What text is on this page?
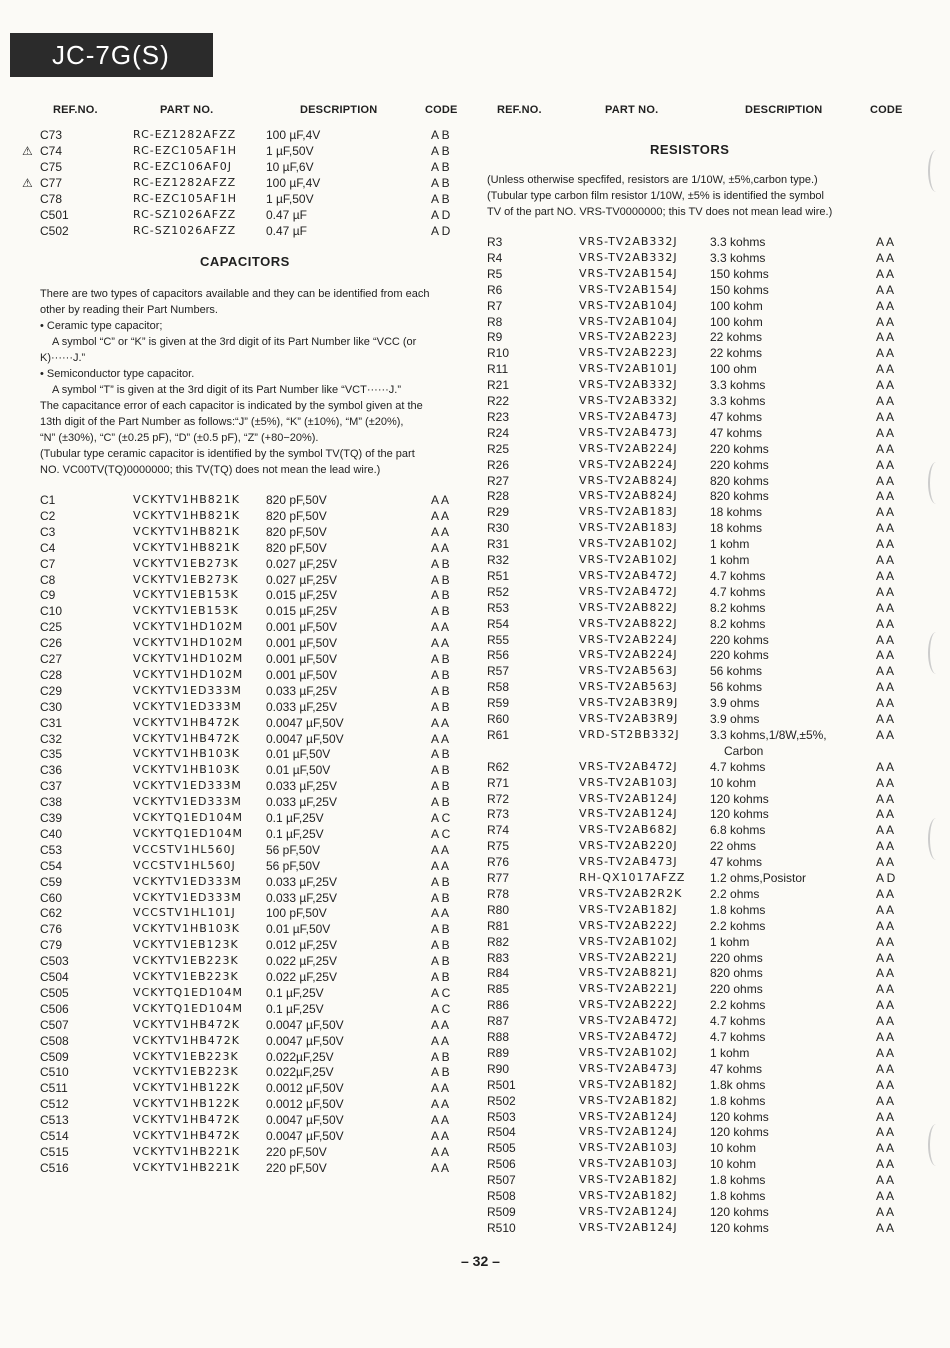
JC-7G(S)
REF.NO.	PART NO.	DESCRIPTION	CODE	REF.NO.	PART NO.	DESCRIPTION	CODE
C73	RC-EZ1282AFZZ 100 µF,4V	A B
⚠ C74	RC-EZC105AF1H 1 µF,50V	A B
C75	RC-EZC106AF0J	10 µF,6V	A B
⚠ C77	RC-EZ1282AFZZ 100 µF,4V	A B
C78	RC-EZC105AF1H 1 µF,50V	A B
C501	RC-SZ1026AFZZ 0.47 µF	A D
C502	RC-SZ1026AFZZ 0.47 µF	A D
CAPACITORS
There are two types of capacitors available and they can be identified from each
other by reading their Part Numbers.
• Ceramic type capacitor;
A symbol “C” or “K” is given at the 3rd digit of its Part Number like “VCC (or
K)······J.”
• Semiconductor type capacitor.
A symbol “T” is given at the 3rd digit of its Part Number like “VCT······J.”
The capacitance error of each capacitor is indicated by the symbol given at the
13th digit of the Part Number as follows:“J” (±5%), “K” (±10%), “M” (±20%),
“N” (±30%), “C” (±0.25 pF), “D” (±0.5 pF), “Z” (+80−20%).
(Tubular type ceramic capacitor is identified by the symbol TV(TQ) of the part
NO. VC00TV(TQ)0000000; this TV(TQ) does not mean the lead wire.)
C1	VCKYTV1HB821K 820 pF,50V	A A
C2	VCKYTV1HB821K 820 pF,50V	A A
C3	VCKYTV1HB821K 820 pF,50V	A A
C4	VCKYTV1HB821K 820 pF,50V	A A
C7	VCKYTV1EB273K 0.027 µF,25V	A B
C8	VCKYTV1EB273K 0.027 µF,25V	A B
C9	VCKYTV1EB153K 0.015 µF,25V	A B
C10	VCKYTV1EB153K 0.015 µF,25V	A B
C25	VCKYTV1HD102M 0.001 µF,50V	A A
C26	VCKYTV1HD102M 0.001 µF,50V	A A
C27	VCKYTV1HD102M 0.001 µF,50V	A B
C28	VCKYTV1HD102M 0.001 µF,50V	A B
C29	VCKYTV1ED333M 0.033 µF,25V	A B
C30	VCKYTV1ED333M 0.033 µF,25V	A B
C31	VCKYTV1HB472K 0.0047 µF,50V	A A
C32	VCKYTV1HB472K 0.0047 µF,50V	A A
C35	VCKYTV1HB103K 0.01 µF,50V	A B
C36	VCKYTV1HB103K 0.01 µF,50V	A B
C37	VCKYTV1ED333M 0.033 µF,25V	A B
C38	VCKYTV1ED333M 0.033 µF,25V	A B
C39	VCKYTQ1ED104M 0.1 µF,25V	A C
C40	VCKYTQ1ED104M 0.1 µF,25V	A C
C53	VCCSTV1HL560J	56 pF,50V	A A
C54	VCCSTV1HL560J	56 pF,50V	A A
C59	VCKYTV1ED333M 0.033 µF,25V	A B
C60	VCKYTV1ED333M 0.033 µF,25V	A B
C62	VCCSTV1HL101J	100 pF,50V	A A
C76	VCKYTV1HB103K 0.01 µF,50V	A B
C79	VCKYTV1EB123K 0.012 µF,25V	A B
C503	VCKYTV1EB223K 0.022 µF,25V	A B
C504	VCKYTV1EB223K 0.022 µF,25V	A B
C505	VCKYTQ1ED104M 0.1 µF,25V	A C
C506	VCKYTQ1ED104M 0.1 µF,25V	A C
C507	VCKYTV1HB472K 0.0047 µF,50V	A A
C508	VCKYTV1HB472K 0.0047 µF,50V	A A
C509	VCKYTV1EB223K 0.022µF,25V	A B
C510	VCKYTV1EB223K 0.022µF,25V	A B
C511	VCKYTV1HB122K 0.0012 µF,50V	A A
C512	VCKYTV1HB122K 0.0012 µF,50V	A A
C513	VCKYTV1HB472K 0.0047 µF,50V	A A
C514	VCKYTV1HB472K 0.0047 µF,50V	A A
C515	VCKYTV1HB221K 220 pF,50V	A A
C516	VCKYTV1HB221K 220 pF,50V	A A
RESISTORS
(Unless otherwise specfifed, resistors are 1/10W, ±5%,carbon type.)
(Tubular type carbon film resistor 1/10W, ±5% is identified the symbol
TV of the part NO. VRS-TV0000000; this TV does not mean lead wire.)
R3	VRS-TV2AB332J	3.3 kohms	A A
R4	VRS-TV2AB332J	3.3 kohms	A A
R5	VRS-TV2AB154J	150 kohms	A A
R6	VRS-TV2AB154J	150 kohms	A A
R7	VRS-TV2AB104J	100 kohm	A A
R8	VRS-TV2AB104J	100 kohm	A A
R9	VRS-TV2AB223J	22 kohms	A A
R10	VRS-TV2AB223J	22 kohms	A A
R11	VRS-TV2AB101J	100 ohm	A A
R21	VRS-TV2AB332J	3.3 kohms	A A
R22	VRS-TV2AB332J	3.3 kohms	A A
R23	VRS-TV2AB473J	47 kohms	A A
R24	VRS-TV2AB473J	47 kohms	A A
R25	VRS-TV2AB224J	220 kohms	A A
R26	VRS-TV2AB224J	220 kohms	A A
R27	VRS-TV2AB824J	820 kohms	A A
R28	VRS-TV2AB824J	820 kohms	A A
R29	VRS-TV2AB183J	18 kohms	A A
R30	VRS-TV2AB183J	18 kohms	A A
R31	VRS-TV2AB102J	1 kohm	A A
R32	VRS-TV2AB102J	1 kohm	A A
R51	VRS-TV2AB472J	4.7 kohms	A A
R52	VRS-TV2AB472J	4.7 kohms	A A
R53	VRS-TV2AB822J	8.2 kohms	A A
R54	VRS-TV2AB822J	8.2 kohms	A A
R55	VRS-TV2AB224J	220 kohms	A A
R56	VRS-TV2AB224J	220 kohms	A A
R57	VRS-TV2AB563J	56 kohms	A A
R58	VRS-TV2AB563J	56 kohms	A A
R59	VRS-TV2AB3R9J	3.9 ohms	A A
R60	VRS-TV2AB3R9J	3.9 ohms	A A
R61	VRD-ST2BB332J	3.3 kohms,1/8W,±5%,	A A
Carbon
R62	VRS-TV2AB472J	4.7 kohms	A A
R71	VRS-TV2AB103J	10 kohm	A A
R72	VRS-TV2AB124J	120 kohms	A A
R73	VRS-TV2AB124J	120 kohms	A A
R74	VRS-TV2AB682J	6.8 kohms	A A
R75	VRS-TV2AB220J	22 ohms	A A
R76	VRS-TV2AB473J	47 kohms	A A
R77	RH-QX1017AFZZ 1.2 ohms,Posistor	A D
R78	VRS-TV2AB2R2K 2.2 ohms	A A
R80	VRS-TV2AB182J	1.8 kohms	A A
R81	VRS-TV2AB222J	2.2 kohms	A A
R82	VRS-TV2AB102J	1 kohm	A A
R83	VRS-TV2AB221J	220 ohms	A A
R84	VRS-TV2AB821J	820 ohms	A A
R85	VRS-TV2AB221J	220 ohms	A A
R86	VRS-TV2AB222J	2.2 kohms	A A
R87	VRS-TV2AB472J	4.7 kohms	A A
R88	VRS-TV2AB472J	4.7 kohms	A A
R89	VRS-TV2AB102J	1 kohm	A A
R90	VRS-TV2AB473J	47 kohms	A A
R501	VRS-TV2AB182J	1.8k ohms	A A
R502	VRS-TV2AB182J	1.8 kohms	A A
R503	VRS-TV2AB124J	120 kohms	A A
R504	VRS-TV2AB124J	120 kohms	A A
R505	VRS-TV2AB103J	10 kohm	A A
R506	VRS-TV2AB103J	10 kohm	A A
R507	VRS-TV2AB182J	1.8 kohms	A A
R508	VRS-TV2AB182J	1.8 kohms	A A
R509	VRS-TV2AB124J	120 kohms	A A
R510	VRS-TV2AB124J	120 kohms	A A
– 32 –
